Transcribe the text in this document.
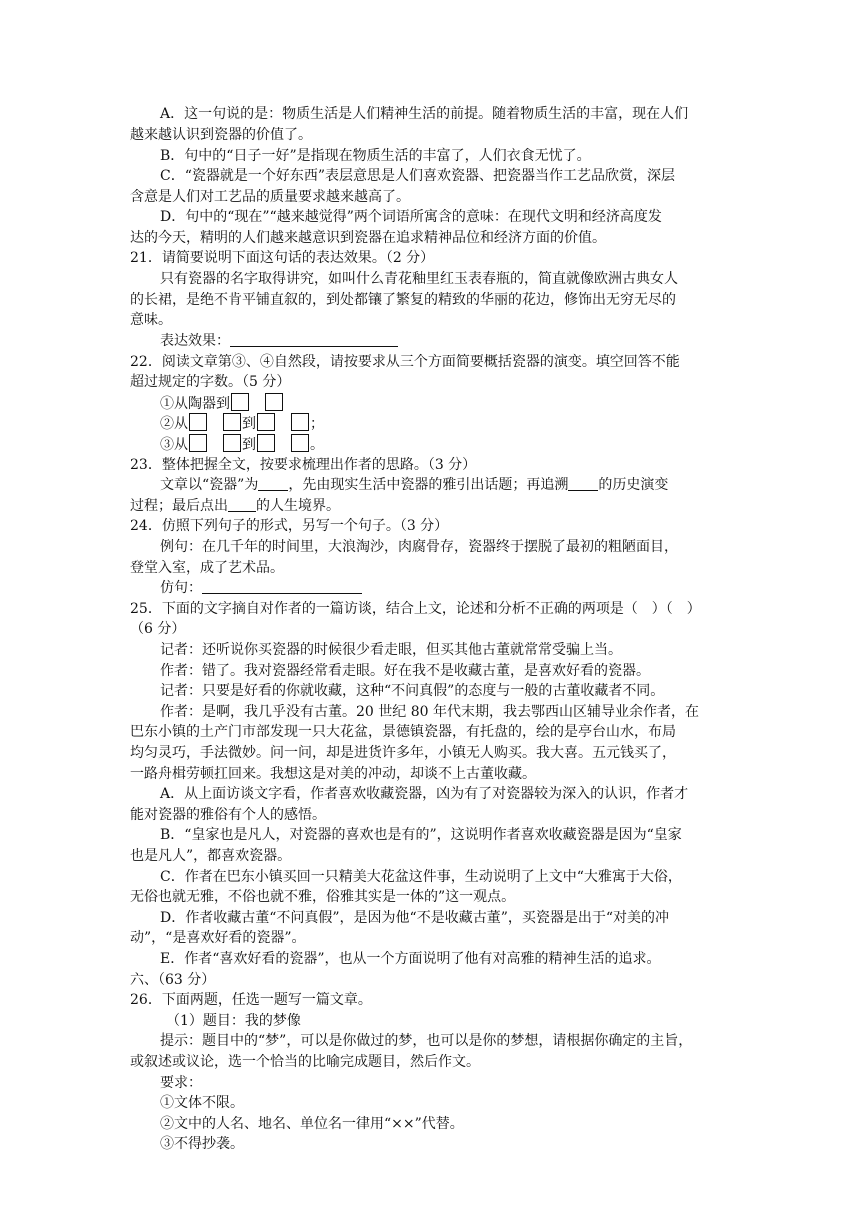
A．这一句说的是：物质生活是人们精神生活的前提。随着物质生活的丰富，现在人们
越来越认识到瓷器的价值了。
B．句中的“日子一好”是指现在物质生活的丰富了，人们衣食无忧了。
C．“瓷器就是一个好东西”表层意思是人们喜欢瓷器、把瓷器当作工艺品欣赏，深层
含意是人们对工艺品的质量要求越来越高了。
D．句中的“现在”“越来越觉得”两个词语所寓含的意味：在现代文明和经济高度发
达的今天，精明的人们越来越意识到瓷器在追求精神品位和经济方面的价值。
21．请简要说明下面这句话的表达效果。（2 分）
只有瓷器的名字取得讲究，如叫什么青花釉里红玉表春瓶的，简直就像欧洲古典女人
的长裙，是绝不肯平铺直叙的，到处都镶了繁复的精致的华丽的花边，修饰出无穷无尽的
意味。
表达效果：
22．阅读文章第③、④自然段，请按要求从三个方面简要概括瓷器的演变。填空回答不能
超过规定的字数。（5 分）
①从陶器到
②从	到	；
③从	到	。
23．整体把握全文，按要求梳理出作者的思路。（3 分）
文章以“瓷器”为 ，先由现实生活中瓷器的雅引出话题；再追溯 的历史演变
过程；最后点出 的人生境界。
24．仿照下列句子的形式，另写一个句子。（3 分）
例句：在几千年的时间里，大浪淘沙，肉腐骨存，瓷器终于摆脱了最初的粗陋面目，
登堂入室，成了艺术品。
仿句：
25．下面的文字摘自对作者的一篇访谈，结合上文，论述和分析不正确的两项是（　）（　）
（6 分）
记者：还听说你买瓷器的时候很少看走眼，但买其他古董就常常受骗上当。
作者：错了。我对瓷器经常看走眼。好在我不是收藏古董，是喜欢好看的瓷器。
记者：只要是好看的你就收藏，这种“不问真假”的态度与一般的古董收藏者不同。
作者：是啊，我几乎没有古董。20 世纪 80 年代末期，我去鄂西山区辅导业余作者，在
巴东小镇的土产门市部发现一只大花盆，景德镇瓷器，有托盘的，绘的是亭台山水，布局
均匀灵巧，手法微妙。问一问，却是进货许多年，小镇无人购买。我大喜。五元钱买了，
一路舟楫劳顿扛回来。我想这是对美的冲动，却谈不上古董收藏。
A．从上面访谈文字看，作者喜欢收藏瓷器，凶为有了对瓷器较为深入的认识，作者才
能对瓷器的雅俗有个人的感悟。
B．“皇家也是凡人，对瓷器的喜欢也是有的”，这说明作者喜欢收藏瓷器是因为“皇家
也是凡人”，都喜欢瓷器。
C．作者在巴东小镇买回一只精美大花盆这件事，生动说明了上文中“大雅寓于大俗，
无俗也就无雅，不俗也就不雅，俗雅其实是一体的”这一观点。
D．作者收藏古董“不问真假”，是因为他“不是收藏古董”，买瓷器是出于“对美的冲
动”，“是喜欢好看的瓷器”。
E．作者“喜欢好看的瓷器”，也从一个方面说明了他有对高雅的精神生活的追求。
六、（63 分）
26．下面两题，任选一题写一篇文章。
（1）题目：我的梦像
提示：题目中的“梦”，可以是你做过的梦，也可以是你的梦想，请根据你确定的主旨，
或叙述或议论，选一个恰当的比喻完成题目，然后作文。
要求：
①文体不限。
②文中的人名、地名、单位名一律用“××”代替。
③不得抄袭。
